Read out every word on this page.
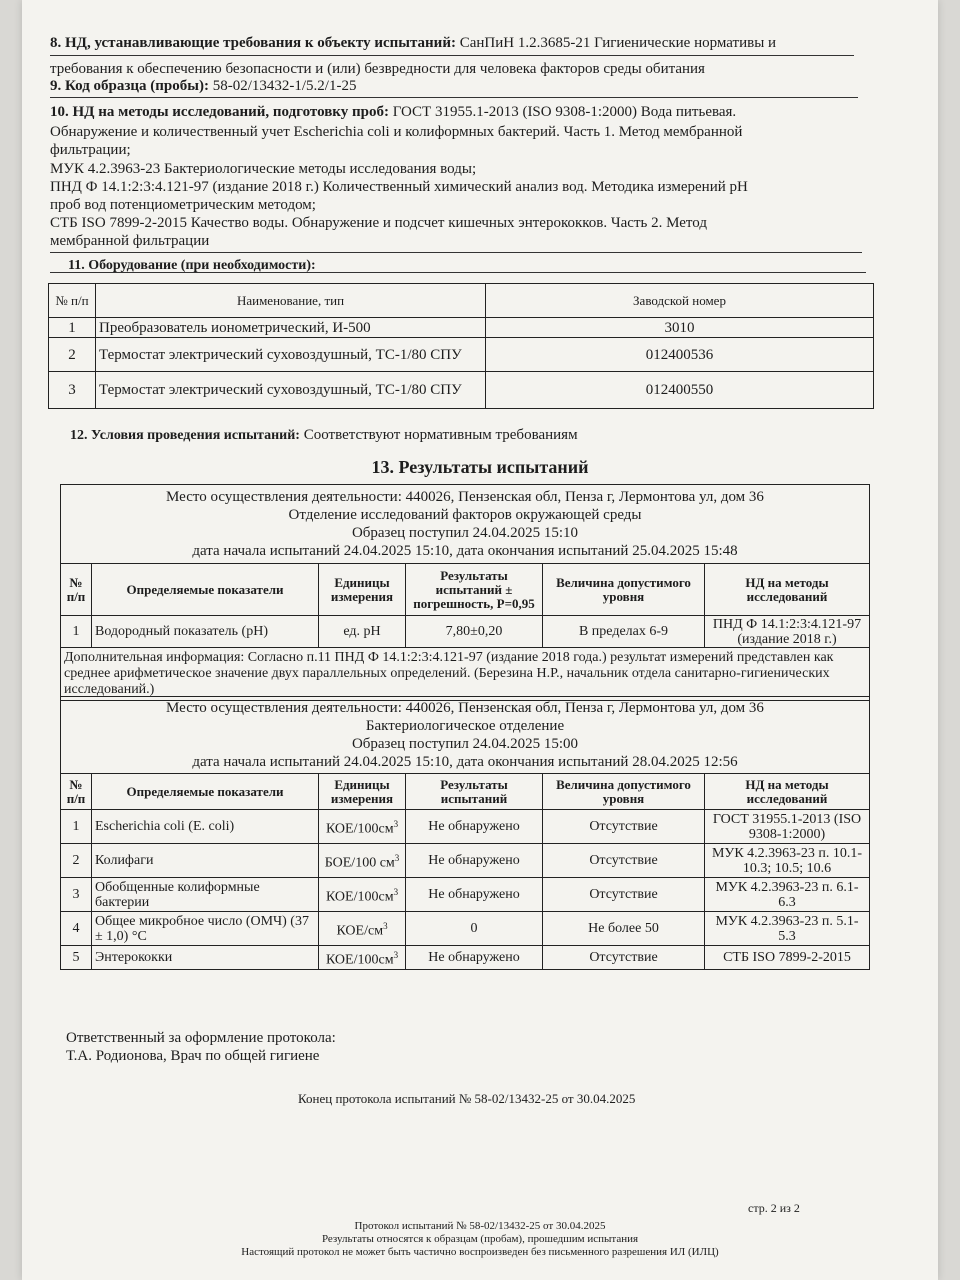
8. НД, устанавливающие требования к объекту испытаний: СанПиН 1.2.3685-21 Гигиенические нормативы и
требования к обеспечению безопасности и (или) безвредности для человека факторов среды обитания
9. Код образца (пробы): 58-02/13432-1/5.2/1-25
10. НД на методы исследований, подготовку проб: ГОСТ 31955.1-2013 (ISO 9308-1:2000) Вода питьевая.
Обнаружение и количественный учет Escherichia coli и колиформных бактерий. Часть 1. Метод мембранной
фильтрации;
МУК 4.2.3963-23 Бактериологические методы исследования воды;
ПНД Ф 14.1:2:3:4.121-97 (издание 2018 г.) Количественный химический анализ вод. Методика измерений pH
проб вод потенциометрическим методом;
СТБ ISO 7899-2-2015 Качество воды. Обнаружение и подсчет кишечных энтерококков. Часть 2. Метод
мембранной фильтрации
11. Оборудование (при необходимости):
№ п/п	Наименование, тип	Заводской номер
1	Преобразователь ионометрический, И-500	3010
2	Термостат электрический суховоздушный, ТС-1/80 СПУ	012400536
3	Термостат электрический суховоздушный, ТС-1/80 СПУ	012400550
12. Условия проведения испытаний: Соответствуют нормативным требованиям
13. Результаты испытаний
Место осуществления деятельности: 440026, Пензенская обл, Пенза г, Лермонтова ул, дом 36
Отделение исследований факторов окружающей среды
Образец поступил 24.04.2025 15:10
дата начала испытаний 24.04.2025 15:10, дата окончания испытаний 25.04.2025 15:48					

№ п/п	Определяемые показатели	Единицы измерения	Результаты испытаний ± погрешность, Р=0,95	Величина допустимого уровня	НД на методы исследований
1	Водородный показатель (pH)	ед. pH	7,80±0,20	В пределах 6-9	ПНД Ф 14.1:2:3:4.121-97 (издание 2018 г.)
Дополнительная информация: Согласно п.11 ПНД Ф 14.1:2:3:4.121-97 (издание 2018 года.) результат измерений представлен как среднее арифметическое значение двух параллельных определений. (Березина Н.Р., начальник отдела санитарно-гигиенических исследований.)					
Место осуществления деятельности: 440026, Пензенская обл, Пенза г, Лермонтова ул, дом 36
Бактериологическое отделение
Образец поступил 24.04.2025 15:00
дата начала испытаний 24.04.2025 15:10, дата окончания испытаний 28.04.2025 12:56					

№ п/п	Определяемые показатели	Единицы измерения	Результаты испытаний	Величина допустимого уровня	НД на методы исследований
1	Escherichia coli (E. coli)	КОЕ/$100см^3$	Не обнаружено	Отсутствие	ГОСТ 31955.1-2013 (ISO 9308-1:2000)
2	Колифаги	БОЕ/100 $см^3$	Не обнаружено	Отсутствие	МУК 4.2.3963-23 п. 10.1-10.3; 10.5; 10.6
3	Обобщенные колиформные бактерии	КОЕ/$100см^3$	Не обнаружено	Отсутствие	МУК 4.2.3963-23 п. 6.1-6.3
4	Общее микробное число (ОМЧ) (37 ± 1,0) °С	КОЕ/$см^3$	0	Не более 50	МУК 4.2.3963-23 п. 5.1-5.3
5	Энтерококки	КОЕ/$100см^3$	Не обнаружено	Отсутствие	СТБ ISO 7899-2-2015
Ответственный за оформление протокола:
Т.А. Родионова, Врач по общей гигиене
Конец протокола испытаний № 58-02/13432-25 от 30.04.2025
стр. 2 из 2
Протокол испытаний № 58-02/13432-25 от 30.04.2025
Результаты относятся к образцам (пробам), прошедшим испытания
Настоящий протокол не может быть частично воспроизведен без письменного разрешения ИЛ (ИЛЦ)
